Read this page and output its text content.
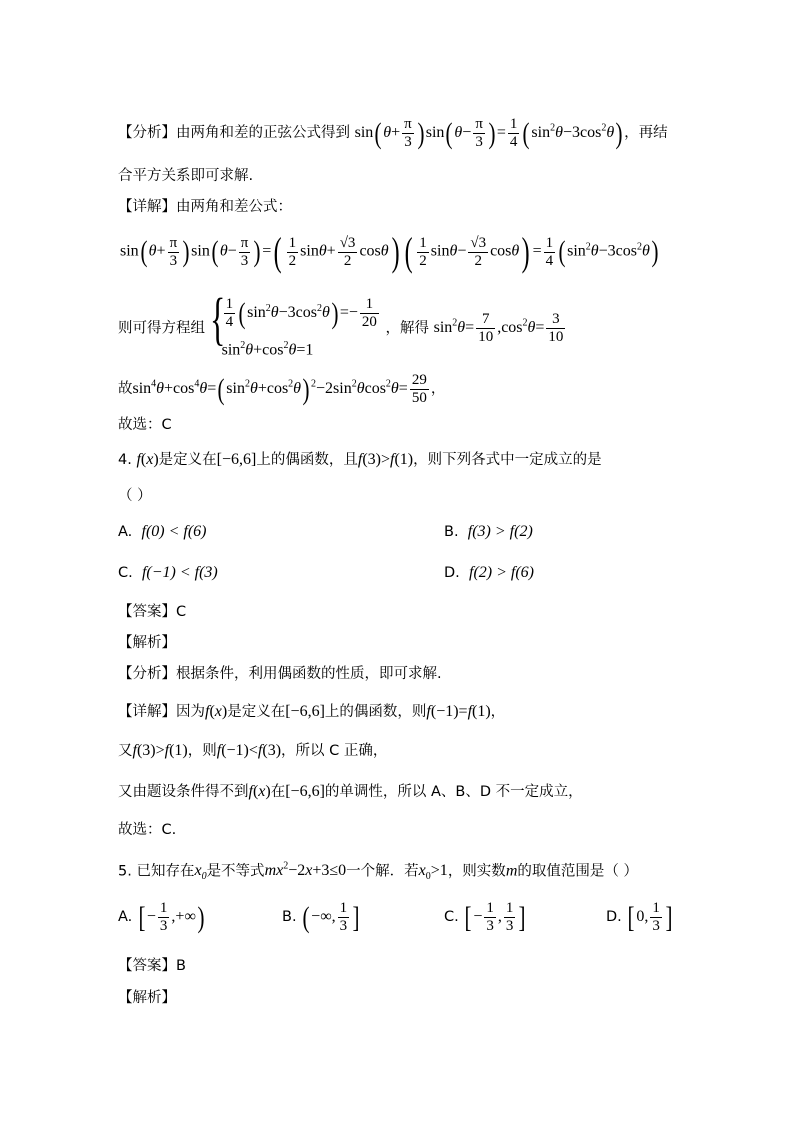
【分析】由两角和差的正弦公式得到 $\sin(\theta+ \frac{\pi}{3} )\sin(\theta- \frac{\pi}{3}$ )= $\frac{1}{4} (\sin^2\theta-3\cos^2\theta)$ ，再结
合平方关系即可求解.
【详解】由两角和差公式：
$\sin(\theta+ \frac{\pi}{3} )\sin(\theta- \frac{\pi}{3}$ )=( $\frac{1}{2} \sin\theta+ \frac{√3}{2} \cos\theta$) ( $\frac{1}{2} \sin\theta- \frac{√3}{2} \cos\theta) = \frac{1}{4} (\sin^2\theta-3\cos^2\theta)$
则可得方程组 {
$\frac{1}{4} (\sin^2\theta-3\cos^2\theta)=- \frac{1}{20}$
$\sin^2\theta+\cos^2\theta=1$
，解得 $\sin^2\theta= \frac{7}{10} ,\cos^2\theta= \frac{3}{10}$
故$\sin^4\theta+\cos^4\theta=(\sin^2\theta+\cos^2\theta)$ $^2-2\sin^2\theta\cos^2\theta= \frac{29}{50}$ ，
故选：C
4. f(x)是定义在[−6,6]上的偶函数，且f(3)>f(1)，则下列各式中一定成立的是
（ ）
A. f(0) < f(6)	B. f(3) > f(2)
C. f(−1) < f(3)	D. f(2) > f(6)
【答案】C
【解析】
【分析】根据条件，利用偶函数的性质，即可求解.
【详解】因为f(x)是定义在[−6,6]上的偶函数，则f(−1)=f(1)，
又f(3)>f(1)，则f(−1)<f(3)，所以 C 正确，
又由题设条件得不到f(x)在[−6,6]的单调性，所以 A、B、D 不一定成立，
故选：C.
5. 已知存在$x_0$是不等式$mx^2-2x+3\le 0$一个解．若$x_0>1$，则实数m的取值范围是（ ）
A. [− $\frac{1}{3}$ ,+∞)	B. (−∞, $\frac{1}{3}$ ]	C. [− $\frac{1}{3}$ , $\frac{1}{3}$ ]	D. [0, $\frac{1}{3}$ ]
【答案】B
【解析】
